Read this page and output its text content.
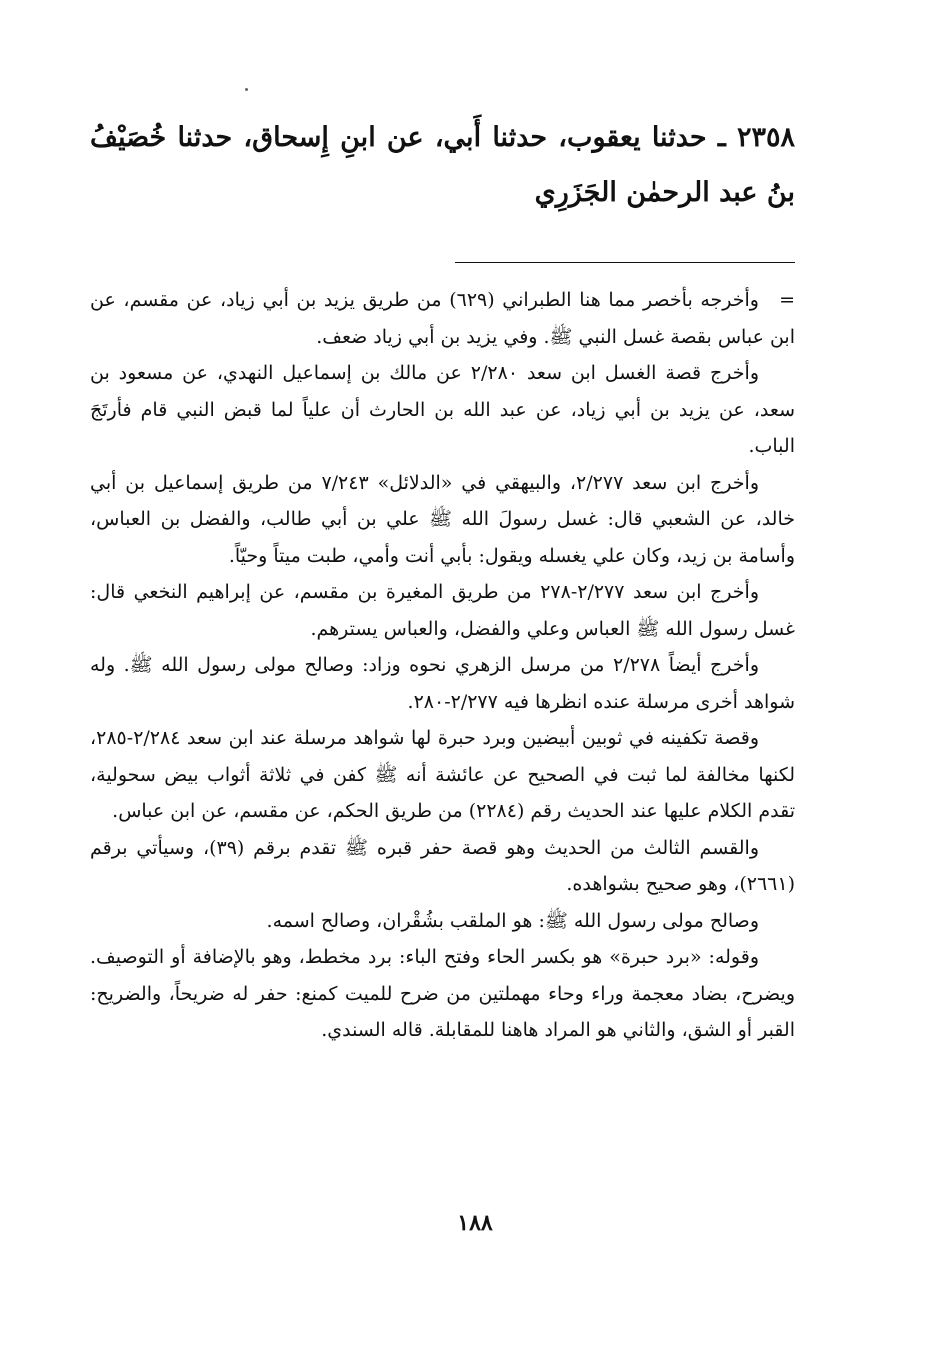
٢٣٥٨ ـ حدثنا يعقوب، حدثنا أَبي، عن ابنِ إِسحاق، حدثنا خُصَيْفُ بنُ عبد الرحمٰن الجَزَرِي

=وأخرجه بأخصر مما هنا الطبراني (٦٢٩) من طريق يزيد بن أبي زياد، عن مقسم، عن ابن عباس بقصة غسل النبي ﷺ. وفي يزيد بن أبي زياد ضعف.

وأخرج قصة الغسل ابن سعد ٢/٢٨٠ عن مالك بن إسماعيل النهدي، عن مسعود بن سعد، عن يزيد بن أبي زياد، عن عبد الله بن الحارث أن علياً لما قبض النبي قام فأرتَجَ الباب.

وأخرج ابن سعد ٢/٢٧٧، والبيهقي في «الدلائل» ٧/٢٤٣ من طريق إسماعيل بن أبي خالد، عن الشعبي قال: غسل رسولَ الله ﷺ علي بن أبي طالب، والفضل بن العباس، وأسامة بن زيد، وكان علي يغسله ويقول: بأبي أنت وأمي، طبت ميتاً وحيّاً.

وأخرج ابن سعد ٢/٢٧٧-٢٧٨ من طريق المغيرة بن مقسم، عن إبراهيم النخعي قال: غسل رسول الله ﷺ العباس وعلي والفضل، والعباس يسترهم.

وأخرج أيضاً ٢/٢٧٨ من مرسل الزهري نحوه وزاد: وصالح مولى رسول الله ﷺ. وله شواهد أخرى مرسلة عنده انظرها فيه ٢/٢٧٧-٢٨٠.

وقصة تكفينه في ثوبين أبيضين وبرد حبرة لها شواهد مرسلة عند ابن سعد ٢/٢٨٤-٢٨٥، لكنها مخالفة لما ثبت في الصحيح عن عائشة أنه ﷺ كفن في ثلاثة أثواب بيض سحولية، تقدم الكلام عليها عند الحديث رقم (٢٢٨٤) من طريق الحكم، عن مقسم، عن ابن عباس.

والقسم الثالث من الحديث وهو قصة حفر قبره ﷺ تقدم برقم (٣٩)، وسيأتي برقم (٢٦٦١)، وهو صحيح بشواهده.

وصالح مولى رسول الله ﷺ: هو الملقب بشُقْران، وصالح اسمه.

وقوله: «برد حبرة» هو بكسر الحاء وفتح الباء: برد مخطط، وهو بالإضافة أو التوصيف. ويضرح، بضاد معجمة وراء وحاء مهملتين من ضرح للميت كمنع: حفر له ضريحاً، والضريح: القبر أو الشق، والثاني هو المراد هاهنا للمقابلة. قاله السندي.

١٨٨
